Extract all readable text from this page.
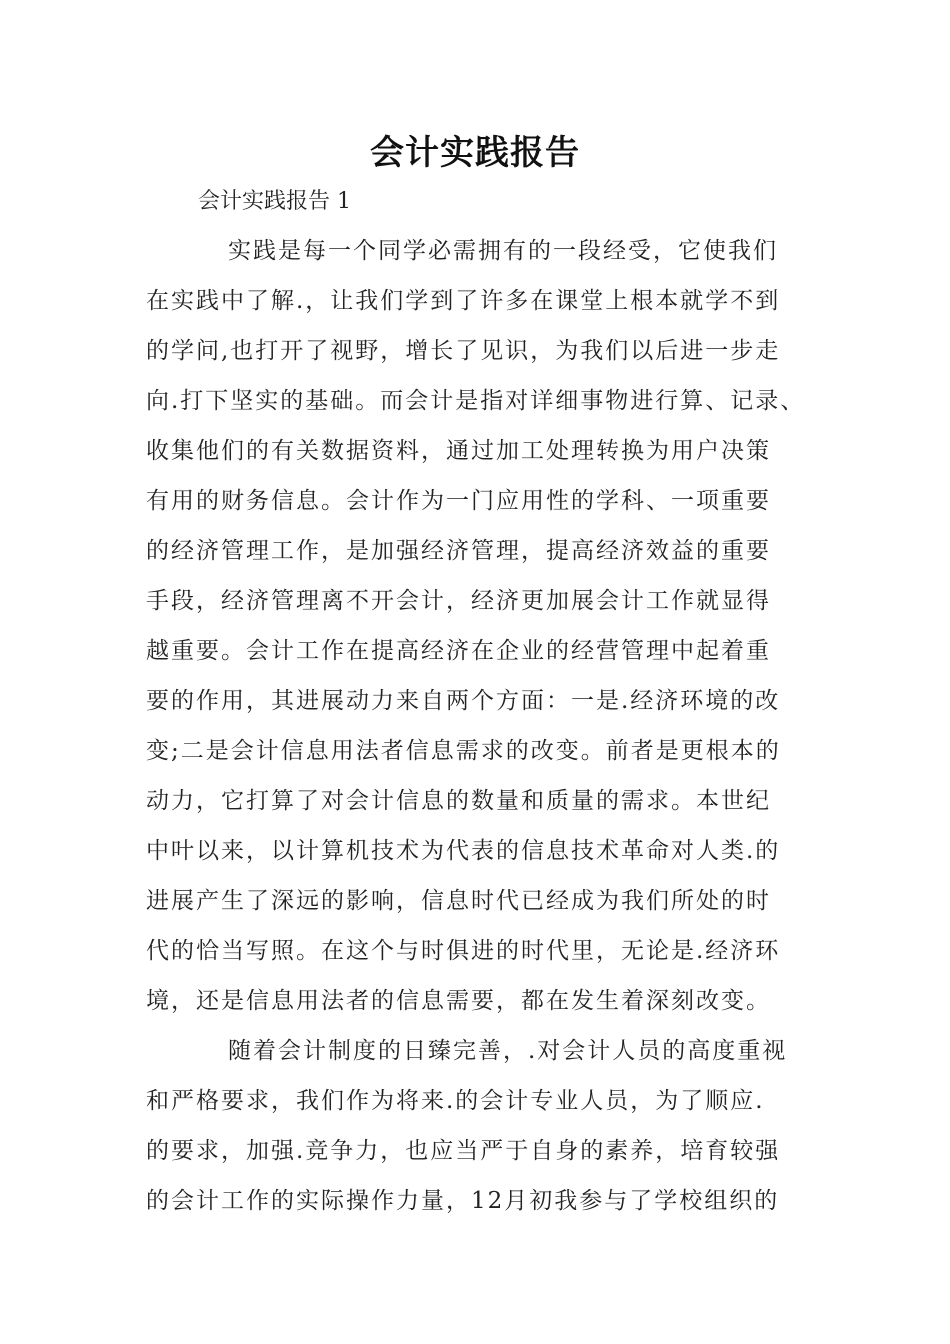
会计实践报告
会计实践报告 1
实践是每一个同学必需拥有的一段经受，它使我们
在实践中了解.，让我们学到了许多在课堂上根本就学不到
的学问,也打开了视野，增长了见识，为我们以后进一步走
向.打下坚实的基础。而会计是指对详细事物进行算、记录、
收集他们的有关数据资料，通过加工处理转换为用户决策
有用的财务信息。会计作为一门应用性的学科、一项重要
的经济管理工作，是加强经济管理，提高经济效益的重要
手段，经济管理离不开会计，经济更加展会计工作就显得
越重要。会计工作在提高经济在企业的经营管理中起着重
要的作用，其进展动力来自两个方面：一是.经济环境的改
变;二是会计信息用法者信息需求的改变。前者是更根本的
动力，它打算了对会计信息的数量和质量的需求。本世纪
中叶以来，以计算机技术为代表的信息技术革命对人类.的
进展产生了深远的影响，信息时代已经成为我们所处的时
代的恰当写照。在这个与时俱进的时代里，无论是.经济环
境，还是信息用法者的信息需要，都在发生着深刻改变。
随着会计制度的日臻完善，.对会计人员的高度重视
和严格要求，我们作为将来.的会计专业人员，为了顺应.
的要求，加强.竞争力，也应当严于自身的素养，培育较强
的会计工作的实际操作力量，12月初我参与了学校组织的
